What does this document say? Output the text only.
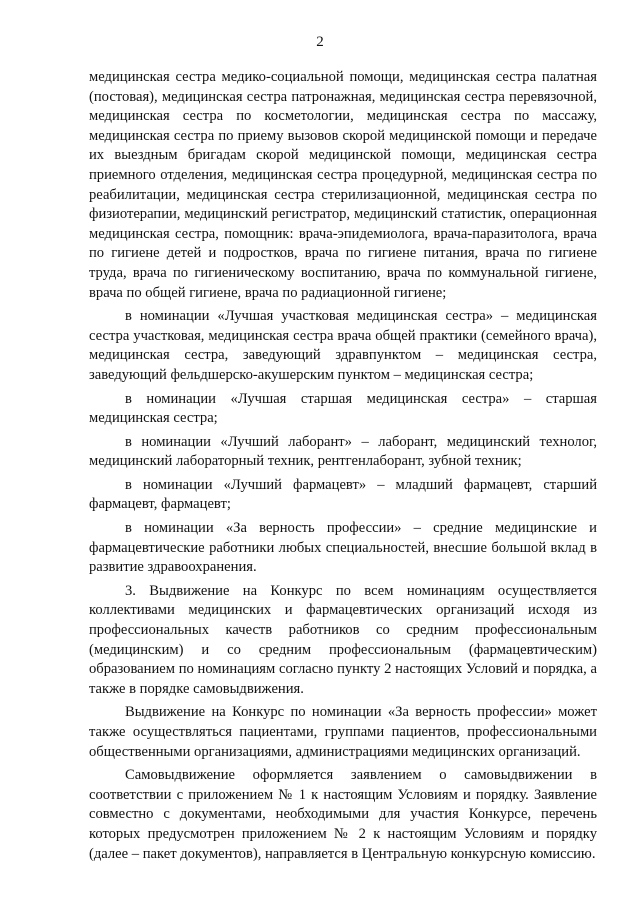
2

медицинская сестра медико-социальной помощи, медицинская сестра палатная (постовая), медицинская сестра патронажная, медицинская сестра перевязочной, медицинская сестра по косметологии, медицинская сестра по массажу, медицинская сестра по приему вызовов скорой медицинской помощи и передаче их выездным бригадам скорой медицинской помощи, медицинская сестра приемного отделения, медицинская сестра процедурной, медицинская сестра по реабилитации, медицинская сестра стерилизационной, медицинская сестра по физиотерапии, медицинский регистратор, медицинский статистик, операционная медицинская сестра, помощник: врача-эпидемиолога, врача-паразитолога, врача по гигиене детей и подростков, врача по гигиене питания, врача по гигиене труда, врача по гигиеническому воспитанию, врача по коммунальной гигиене, врача по общей гигиене, врача по радиационной гигиене;

в номинации «Лучшая участковая медицинская сестра» – медицинская сестра участковая, медицинская сестра врача общей практики (семейного врача), медицинская сестра, заведующий здравпунктом – медицинская сестра, заведующий фельдшерско-акушерским пунктом – медицинская сестра;

в номинации «Лучшая старшая медицинская сестра» – старшая медицинская сестра;

в номинации «Лучший лаборант» – лаборант, медицинский технолог, медицинский лабораторный техник, рентгенлаборант, зубной техник;

в номинации «Лучший фармацевт» – младший фармацевт, старший фармацевт, фармацевт;

в номинации «За верность профессии» – средние медицинские и фармацевтические работники любых специальностей, внесшие большой вклад в развитие здравоохранения.

3. Выдвижение на Конкурс по всем номинациям осуществляется коллективами медицинских и фармацевтических организаций исходя из профессиональных качеств работников со средним профессиональным (медицинским) и со средним профессиональным (фармацевтическим) образованием по номинациям согласно пункту 2 настоящих Условий и порядка, а также в порядке самовыдвижения.

Выдвижение на Конкурс по номинации «За верность профессии» может также осуществляться пациентами, группами пациентов, профессиональными общественными организациями, администрациями медицинских организаций.

Самовыдвижение оформляется заявлением о самовыдвижении в соответствии с приложением № 1 к настоящим Условиям и порядку. Заявление совместно с документами, необходимыми для участия Конкурсе, перечень которых предусмотрен приложением № 2 к настоящим Условиям и порядку (далее – пакет документов), направляется в Центральную конкурсную комиссию.
